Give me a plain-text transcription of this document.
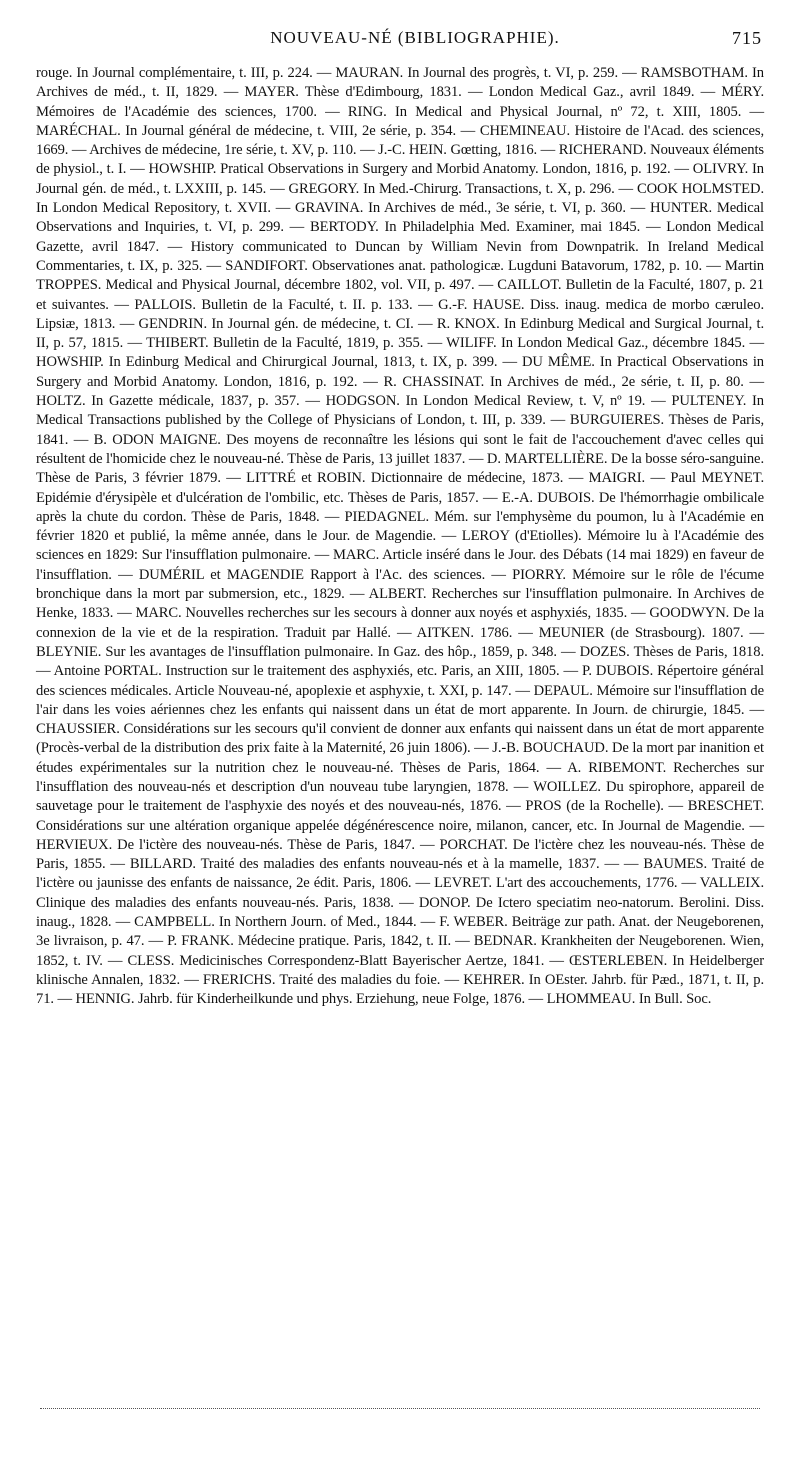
NOUVEAU-NÉ (BIBLIOGRAPHIE).	715

rouge. In Journal complémentaire, t. III, p. 224. — MAURAN. In Journal des progrès, t. VI, p. 259. — RAMSBOTHAM. In Archives de méd., t. II, 1829. — MAYER. Thèse d'Edimbourg, 1831. — London Medical Gaz., avril 1849. — MÉRY. Mémoires de l'Académie des sciences, 1700. — RING. In Medical and Physical Journal, nº 72, t. XIII, 1805. — MARÉCHAL. In Journal général de médecine, t. VIII, 2e série, p. 354. — CHEMINEAU. Histoire de l'Acad. des sciences, 1669. — Archives de médecine, 1re série, t. XV, p. 110. — J.-C. HEIN. Gœtting, 1816. — RICHERAND. Nouveaux éléments de physiol., t. I. — HOWSHIP. Pratical Observations in Surgery and Morbid Anatomy. London, 1816, p. 192. — OLIVRY. In Journal gén. de méd., t. LXXIII, p. 145. — GREGORY. In Med.-Chirurg. Transactions, t. X, p. 296. — COOK HOLMSTED. In London Medical Repository, t. XVII. — GRAVINA. In Archives de méd., 3e série, t. VI, p. 360. — HUNTER. Medical Observations and Inquiries, t. VI, p. 299. — BERTODY. In Philadelphia Med. Examiner, mai 1845. — London Medical Gazette, avril 1847. — History communicated to Duncan by William Nevin from Downpatrik. In Ireland Medical Commentaries, t. IX, p. 325. — SANDIFORT. Observationes anat. pathologicæ. Lugduni Batavorum, 1782, p. 10. — Martin TROPPES. Medical and Physical Journal, décembre 1802, vol. VII, p. 497. — CAILLOT. Bulletin de la Faculté, 1807, p. 21 et suivantes. — PALLOIS. Bulletin de la Faculté, t. II. p. 133. — G.-F. HAUSE. Diss. inaug. medica de morbo cæruleo. Lipsiæ, 1813. — GENDRIN. In Journal gén. de médecine, t. CI. — R. KNOX. In Edinburg Medical and Surgical Journal, t. II, p. 57, 1815. — THIBERT. Bulletin de la Faculté, 1819, p. 355. — WILIFF. In London Medical Gaz., décembre 1845. — HOWSHIP. In Edinburg Medical and Chirurgical Journal, 1813, t. IX, p. 399. — DU MÊME. In Practical Observations in Surgery and Morbid Anatomy. London, 1816, p. 192. — R. CHASSINAT. In Archives de méd., 2e série, t. II, p. 80. — HOLTZ. In Gazette médicale, 1837, p. 357. — HODGSON. In London Medical Review, t. V, nº 19. — PULTENEY. In Medical Transactions published by the College of Physicians of London, t. III, p. 339. — BURGUIERES. Thèses de Paris, 1841. — B. ODON MAIGNE. Des moyens de reconnaître les lésions qui sont le fait de l'accouchement d'avec celles qui résultent de l'homicide chez le nouveau-né. Thèse de Paris, 13 juillet 1837. — D. MARTELLIÈRE. De la bosse séro-sanguine. Thèse de Paris, 3 février 1879. — LITTRÉ et ROBIN. Dictionnaire de médecine, 1873. — MAIGRI. — Paul MEYNET. Epidémie d'érysipèle et d'ulcération de l'ombilic, etc. Thèses de Paris, 1857. — E.-A. DUBOIS. De l'hémorrhagie ombilicale après la chute du cordon. Thèse de Paris, 1848. — PIEDAGNEL. Mém. sur l'emphysème du poumon, lu à l'Académie en février 1820 et publié, la même année, dans le Jour. de Magendie. — LEROY (d'Etiolles). Mémoire lu à l'Académie des sciences en 1829: Sur l'insufflation pulmonaire. — MARC. Article inséré dans le Jour. des Débats (14 mai 1829) en faveur de l'insufflation. — DUMÉRIL et MAGENDIE Rapport à l'Ac. des sciences. — PIORRY. Mémoire sur le rôle de l'écume bronchique dans la mort par submersion, etc., 1829. — ALBERT. Recherches sur l'insufflation pulmonaire. In Archives de Henke, 1833. — MARC. Nouvelles recherches sur les secours à donner aux noyés et asphyxiés, 1835. — GOODWYN. De la connexion de la vie et de la respiration. Traduit par Hallé. — AITKEN. 1786. — MEUNIER (de Strasbourg). 1807. — BLEYNIE. Sur les avantages de l'insufflation pulmonaire. In Gaz. des hôp., 1859, p. 348. — DOZES. Thèses de Paris, 1818. — Antoine PORTAL. Instruction sur le traitement des asphyxiés, etc. Paris, an XIII, 1805. — P. DUBOIS. Répertoire général des sciences médicales. Article Nouveau-né, apoplexie et asphyxie, t. XXI, p. 147. — DEPAUL. Mémoire sur l'insufflation de l'air dans les voies aériennes chez les enfants qui naissent dans un état de mort apparente. In Journ. de chirurgie, 1845. — CHAUSSIER. Considérations sur les secours qu'il convient de donner aux enfants qui naissent dans un état de mort apparente (Procès-verbal de la distribution des prix faite à la Maternité, 26 juin 1806). — J.-B. BOUCHAUD. De la mort par inanition et études expérimentales sur la nutrition chez le nouveau-né. Thèses de Paris, 1864. — A. RIBEMONT. Recherches sur l'insufflation des nouveau-nés et description d'un nouveau tube laryngien, 1878. — WOILLEZ. Du spirophore, appareil de sauvetage pour le traitement de l'asphyxie des noyés et des nouveau-nés, 1876. — PROS (de la Rochelle). — BRESCHET. Considérations sur une altération organique appelée dégénérescence noire, milanon, cancer, etc. In Journal de Magendie. — HERVIEUX. De l'ictère des nouveau-nés. Thèse de Paris, 1847. — PORCHAT. De l'ictère chez les nouveau-nés. Thèse de Paris, 1855. — BILLARD. Traité des maladies des enfants nouveau-nés et à la mamelle, 1837. — — BAUMES. Traité de l'ictère ou jaunisse des enfants de naissance, 2e édit. Paris, 1806. — LEVRET. L'art des accouchements, 1776. — VALLEIX. Clinique des maladies des enfants nouveau-nés. Paris, 1838. — DONOP. De Ictero speciatim neo-natorum. Berolini. Diss. inaug., 1828. — CAMPBELL. In Northern Journ. of Med., 1844. — F. WEBER. Beiträge zur path. Anat. der Neugeborenen, 3e livraison, p. 47. — P. FRANK. Médecine pratique. Paris, 1842, t. II. — BEDNAR. Krankheiten der Neugeborenen. Wien, 1852, t. IV. — CLESS. Medicinisches Correspondenz-Blatt Bayerischer Aertze, 1841. — ŒSTERLEBEN. In Heidelberger klinische Annalen, 1832. — FRERICHS. Traité des maladies du foie. — KEHRER. In OEster. Jahrb. für Pæd., 1871, t. II, p. 71. — HENNIG. Jahrb. für Kinderheilkunde und phys. Erziehung, neue Folge, 1876. — LHOMMEAU. In Bull. Soc.
